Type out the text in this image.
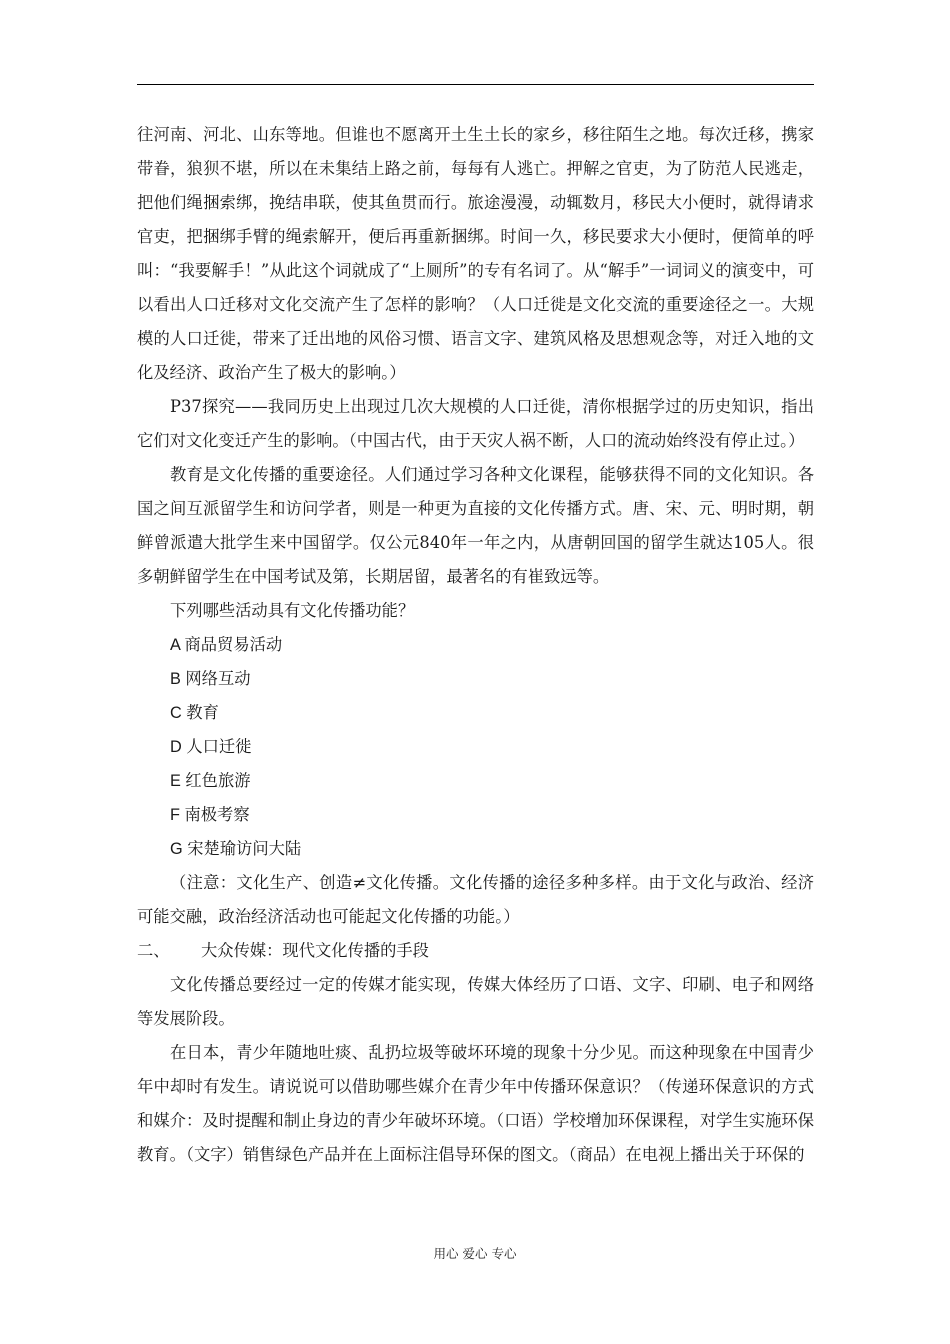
往河南、河北、山东等地。但谁也不愿离开土生土长的家乡，移往陌生之地。每次迁移，携家带眷，狼狈不堪，所以在未集结上路之前，每每有人逃亡。押解之官吏，为了防范人民逃走，把他们绳捆索绑，挽结串联，使其鱼贯而行。旅途漫漫，动辄数月，移民大小便时，就得请求官吏，把捆绑手臂的绳索解开，便后再重新捆绑。时间一久，移民要求大小便时，便简单的呼叫：“我要解手！”从此这个词就成了“上厕所”的专有名词了。从“解手”一词词义的演变中，可以看出人口迁移对文化交流产生了怎样的影响？（人口迁徙是文化交流的重要途径之一。大规模的人口迁徙，带来了迁出地的风俗习惯、语言文字、建筑风格及思想观念等，对迁入地的文化及经济、政治产生了极大的影响。）

P37探究——我同历史上出现过几次大规模的人口迁徙，清你根据学过的历史知识，指出它们对文化变迁产生的影响。（中国古代，由于天灾人祸不断，人口的流动始终没有停止过。）

教育是文化传播的重要途径。人们通过学习各种文化课程，能够获得不同的文化知识。各国之间互派留学生和访问学者，则是一种更为直接的文化传播方式。唐、宋、元、明时期，朝鲜曾派遣大批学生来中国留学。仅公元840年一年之内，从唐朝回国的留学生就达105人。很多朝鲜留学生在中国考试及第，长期居留，最著名的有崔致远等。

下列哪些活动具有文化传播功能？

A 商品贸易活动

B 网络互动

C 教育

D 人口迁徙

E 红色旅游

F 南极考察

G 宋楚瑜访问大陆

（注意：文化生产、创造≠文化传播。文化传播的途径多种多样。由于文化与政治、经济可能交融，政治经济活动也可能起文化传播的功能。）

二、	大众传媒：现代文化传播的手段

文化传播总要经过一定的传媒才能实现，传媒大体经历了口语、文字、印刷、电子和网络等发展阶段。

在日本，青少年随地吐痰、乱扔垃圾等破坏环境的现象十分少见。而这种现象在中国青少年中却时有发生。请说说可以借助哪些媒介在青少年中传播环保意识？（传递环保意识的方式和媒介：及时提醒和制止身边的青少年破坏环境。（口语）学校增加环保课程，对学生实施环保教育。（文字）销售绿色产品并在上面标注倡导环保的图文。（商品）在电视上播出关于环保的

用心 爱心 专心
